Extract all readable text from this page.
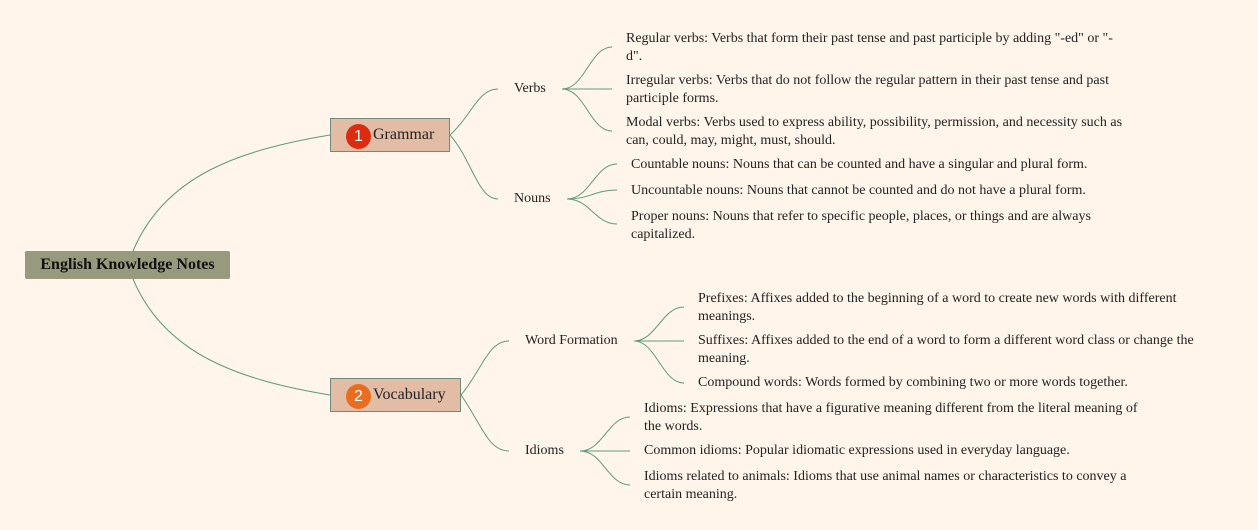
English Knowledge Notes
1 Grammar
Verbs
Regular verbs: Verbs that form their past tense and past participle by adding "-ed" or "-d".
Irregular verbs: Verbs that do not follow the regular pattern in their past tense and past participle forms.
Modal verbs: Verbs used to express ability, possibility, permission, and necessity such as can, could, may, might, must, should.
Nouns
Countable nouns: Nouns that can be counted and have a singular and plural form.
Uncountable nouns: Nouns that cannot be counted and do not have a plural form.
Proper nouns: Nouns that refer to specific people, places, or things and are always capitalized.
2 Vocabulary
Word Formation
Prefixes: Affixes added to the beginning of a word to create new words with different meanings.
Suffixes: Affixes added to the end of a word to form a different word class or change the meaning.
Compound words: Words formed by combining two or more words together.
Idioms
Idioms: Expressions that have a figurative meaning different from the literal meaning of the words.
Common idioms: Popular idiomatic expressions used in everyday language.
Idioms related to animals: Idioms that use animal names or characteristics to convey a certain meaning.
